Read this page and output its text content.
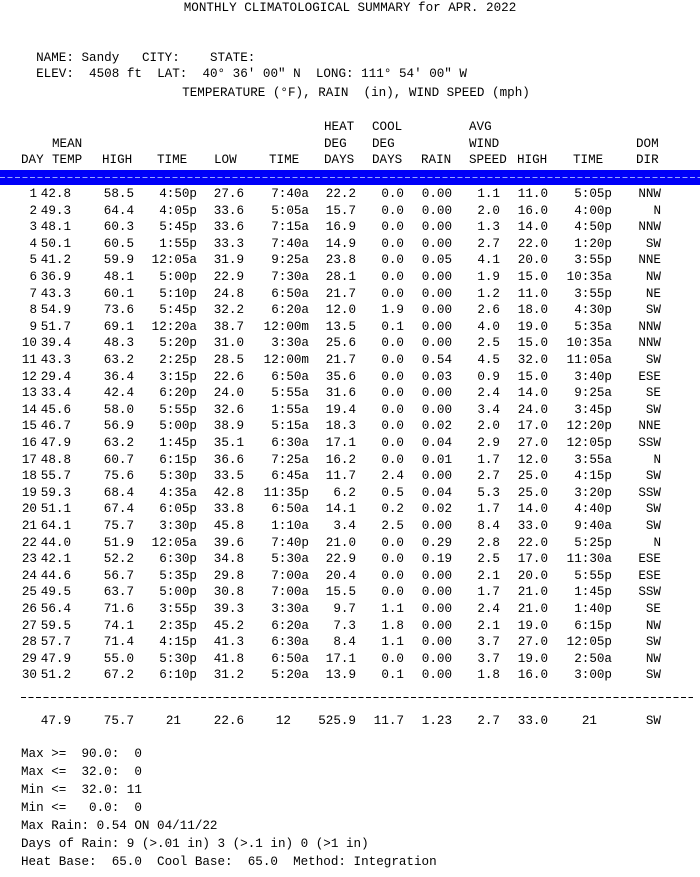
MONTHLY CLIMATOLOGICAL SUMMARY for APR. 2022

NAME: Sandy CITY: STATE:

ELEV: 4508 ft LAT: 40° 36' 00" N LONG: 111° 54' 00" W

TEMPERATURE (°F), RAIN  (in), WIND SPEED (mph)
HEAT COOL	AVG
MEAN	DEG DEG	WIND	DOM
DAY TEMP HIGH TIME LOW	TIME DAYS DAYS RAIN SPEED HIGH TIME	DIR
1 42.8	58.5 4:50p 27.6 7:40a 22.2 0.0 0.00 1.1 11.0 5:05p NNW
2 49.3	64.4 4:05p 33.6 5:05a 15.7 0.0 0.00 2.0 16.0 4:00p	N
3 48.1	60.3 5:45p 33.6 7:15a 16.9 0.0 0.00 1.3 14.0 4:50p NNW
4 50.1	60.5 1:55p 33.3 7:40a 14.9 0.0 0.00 2.7 22.0 1:20p	SW
5 41.2	59.9 12:05a 31.9 9:25a 23.8 0.0 0.05 4.1 20.0 3:55p NNE
6 36.9	48.1 5:00p 22.9 7:30a 28.1 0.0 0.00 1.9 15.0 10:35a	NW
7 43.3	60.1 5:10p 24.8 6:50a 21.7 0.0 0.00 1.2 11.0 3:55p	NE
8 54.9	73.6 5:45p 32.2 6:20a 12.0 1.9 0.00 2.6 18.0 4:30p	SW
9 51.7	69.1 12:20a 38.7 12:00m 13.5 0.1 0.00 4.0 19.0 5:35a NNW
10 39.4	48.3 5:20p 31.0 3:30a 25.6 0.0 0.00 2.5 15.0 10:35a NNW
11 43.3	63.2 2:25p 28.5 12:00m 21.7 0.0 0.54 4.5 32.0 11:05a	SW
12 29.4	36.4 3:15p 22.6 6:50a 35.6 0.0 0.03 0.9 15.0 3:40p ESE
13 33.4	42.4 6:20p 24.0 5:55a 31.6 0.0 0.00 2.4 14.0 9:25a	SE
14 45.6	58.0 5:55p 32.6 1:55a 19.4 0.0 0.00 3.4 24.0 3:45p	SW
15 46.7	56.9 5:00p 38.9 5:15a 18.3 0.0 0.02 2.0 17.0 12:20p NNE
16 47.9	63.2 1:45p 35.1 6:30a 17.1 0.0 0.04 2.9 27.0 12:05p SSW
17 48.8	60.7 6:15p 36.6 7:25a 16.2 0.0 0.01 1.7 12.0 3:55a	N
18 55.7	75.6 5:30p 33.5 6:45a 11.7 2.4 0.00 2.7 25.0 4:15p	SW
19 59.3	68.4 4:35a 42.8 11:35p 6.2 0.5 0.04 5.3 25.0 3:20p SSW
20 51.1	67.4 6:05p 33.8 6:50a 14.1 0.2 0.02 1.7 14.0 4:40p	SW
21 64.1	75.7 3:30p 45.8 1:10a 3.4 2.5 0.00 8.4 33.0 9:40a	SW
22 44.0	51.9 12:05a 39.6 7:40p 21.0 0.0 0.29 2.8 22.0 5:25p	N
23 42.1	52.2 6:30p 34.8 5:30a 22.9 0.0 0.19 2.5 17.0 11:30a ESE
24 44.6	56.7 5:35p 29.8 7:00a 20.4 0.0 0.00 2.1 20.0 5:55p ESE
25 49.5	63.7 5:00p 30.8 7:00a 15.5 0.0 0.00 1.7 21.0 1:45p SSW
26 56.4	71.6 3:55p 39.3 3:30a 9.7 1.1 0.00 2.4 21.0 1:40p	SE
27 59.5	74.1 2:35p 45.2 6:20a 7.3 1.8 0.00 2.1 19.0 6:15p	NW
28 57.7	71.4 4:15p 41.3 6:30a 8.4 1.1 0.00 3.7 27.0 12:05p	SW
29 47.9	55.0 5:30p 41.8 6:50a 17.1 0.0 0.00 3.7 19.0 2:50a	NW
30 51.2	67.2 6:10p 31.2 5:20a 13.9 0.1 0.00 1.8 16.0 3:00p	SW
47.9	75.7	21	22.6	12 525.9 11.7 1.23 2.7 33.0	21	SW
Max >=  90.0:  0
Max <=  32.0:  0
Min <=  32.0: 11
Min <=   0.0:  0
Max Rain: 0.54 ON 04/11/22
Days of Rain: 9 (>.01 in) 3 (>.1 in) 0 (>1 in)
Heat Base:  65.0  Cool Base:  65.0  Method: Integration
